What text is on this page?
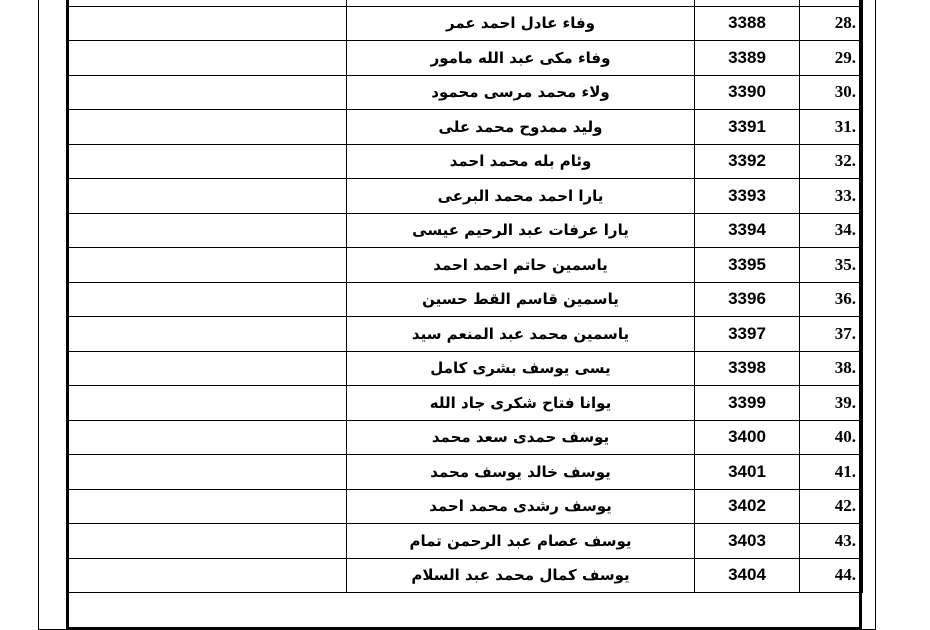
.28	3388	وفاء عادل احمد عمر	
.29	3389	وفاء مكى عبد الله مامور	
.30	3390	ولاء محمد مرسى محمود	
.31	3391	وليد ممدوح محمد على	
.32	3392	وئام بله محمد احمد	
.33	3393	يارا احمد محمد البرعى	
.34	3394	يارا عرفات عبد الرحيم عيسى	
.35	3395	ياسمين حاتم احمد احمد	
.36	3396	ياسمين قاسم القط حسين	
.37	3397	ياسمين محمد عبد المنعم سيد	
.38	3398	يسى يوسف بشرى كامل	
.39	3399	يوانا فتاح شكرى جاد الله	
.40	3400	يوسف حمدى سعد محمد	
.41	3401	يوسف خالد يوسف محمد	
.42	3402	يوسف رشدى محمد احمد	
.43	3403	يوسف عصام عبد الرحمن تمام	
.44	3404	يوسف كمال محمد عبد السلام	
